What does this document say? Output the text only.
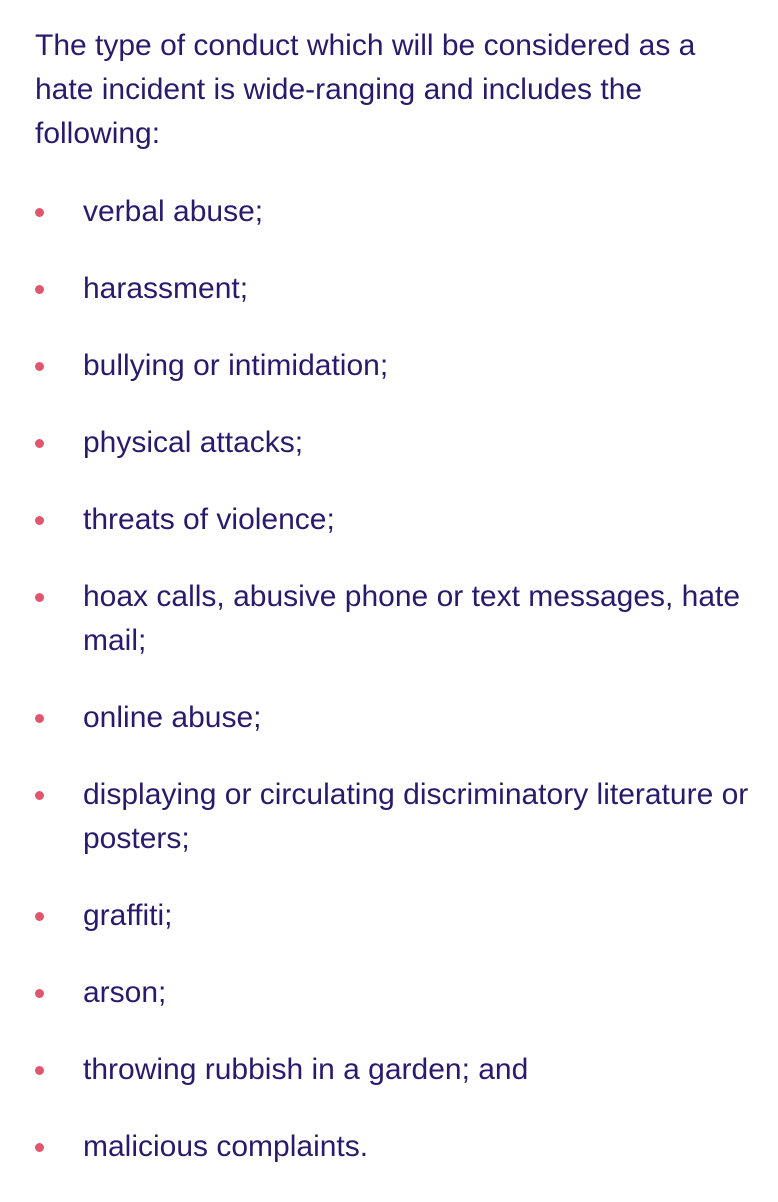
The type of conduct which will be considered as a hate incident is wide-ranging and includes the following:

verbal abuse;
harassment;
bullying or intimidation;
physical attacks;
threats of violence;
hoax calls, abusive phone or text messages, hate mail;
online abuse;
displaying or circulating discriminatory literature or posters;
graffiti;
arson;
throwing rubbish in a garden; and
malicious complaints.
